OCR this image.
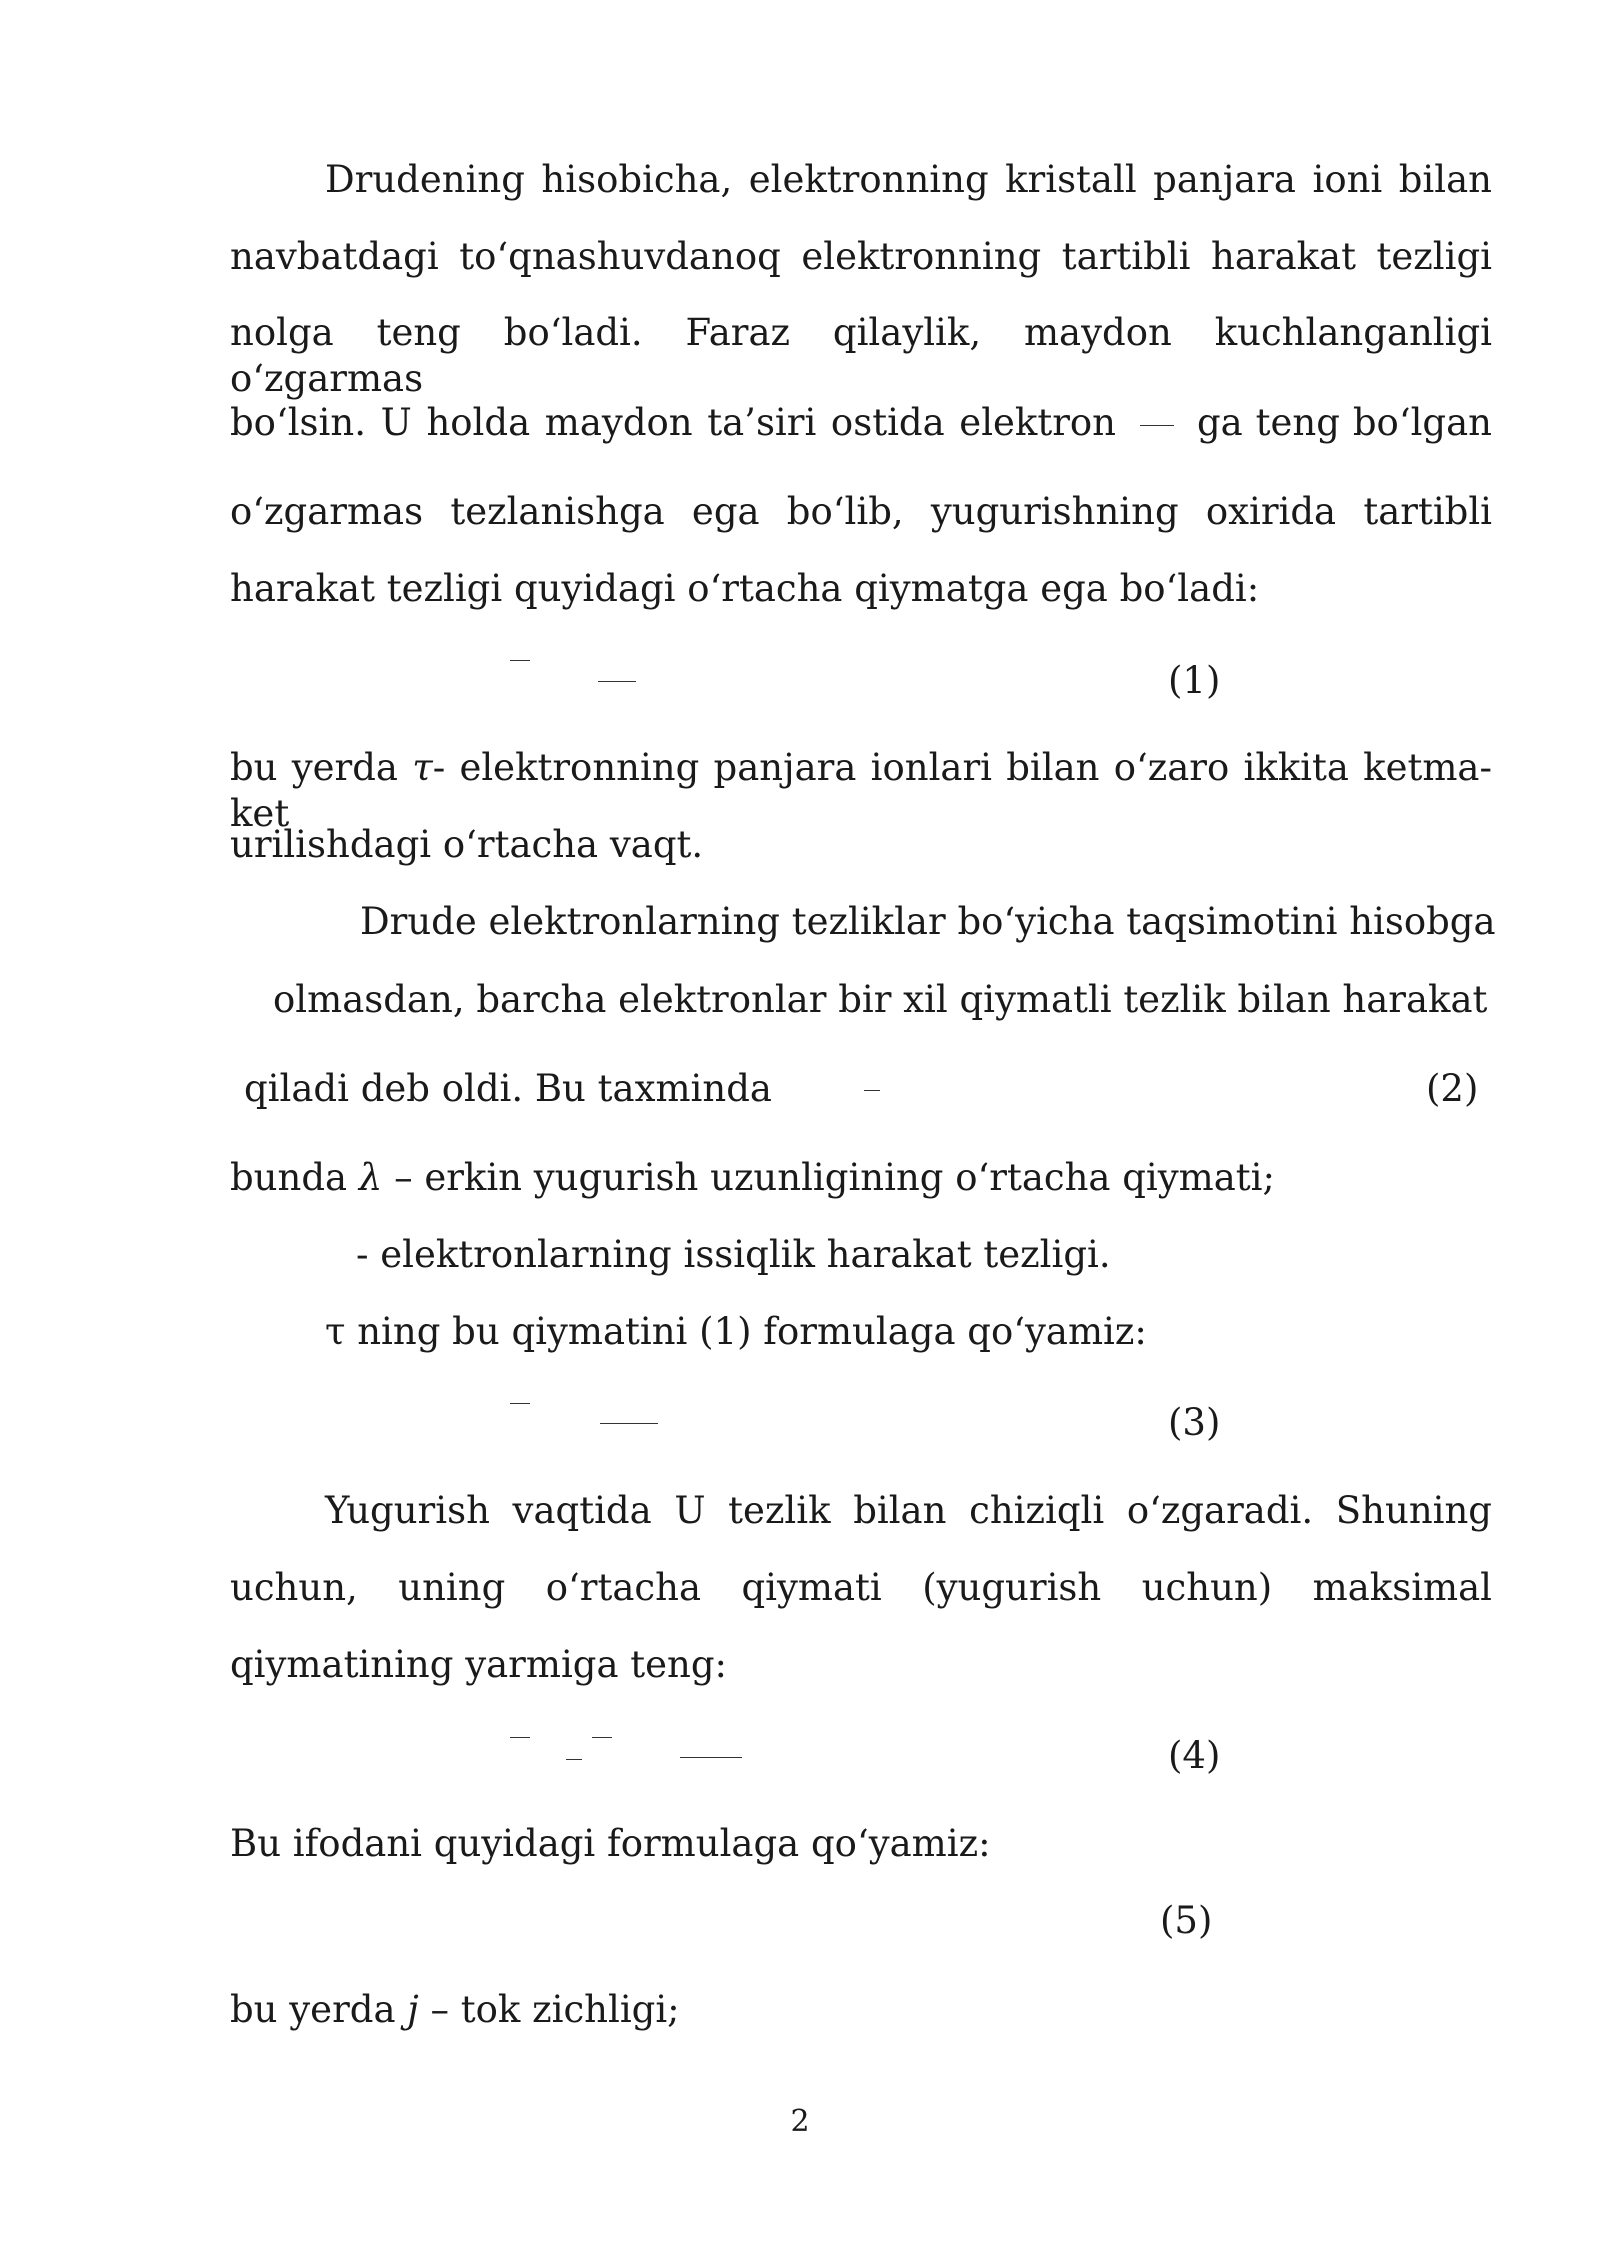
Drudening hisobicha, elektronning kristall panjara ioni bilan
navbatdagi to‘qnashuvdanoq elektronning tartibli harakat tezligi
nolga teng bo‘ladi. Faraz qilaylik, maydon kuchlanganligi o‘zgarmas
bo‘lsin. U holda maydon ta’siri ostida elektron ga teng bo‘lgan
o‘zgarmas tezlanishga ega bo‘lib, yugurishning oxirida tartibli
harakat tezligi quyidagi o‘rtacha qiymatga ega bo‘ladi:
(1)
bu yerda τ- elektronning panjara ionlari bilan o‘zaro ikkita ketma-ket
urilishdagi o‘rtacha vaqt.
Drude elektronlarning tezliklar bo‘yicha taqsimotini hisobga
olmasdan, barcha elektronlar bir xil qiymatli tezlik bilan harakat
qiladi deb oldi. Bu taxminda	(2)
bunda λ – erkin yugurish uzunligining o‘rtacha qiymati;
- elektronlarning issiqlik harakat tezligi.
τ ning bu qiymatini (1) formulaga qo‘yamiz:
(3)
Yugurish vaqtida U tezlik bilan chiziqli o‘zgaradi. Shuning
uchun, uning o‘rtacha qiymati (yugurish uchun) maksimal
qiymatining yarmiga teng:
(4)
Bu ifodani quyidagi formulaga qo‘yamiz:
(5)
bu yerda j – tok zichligi;
2
